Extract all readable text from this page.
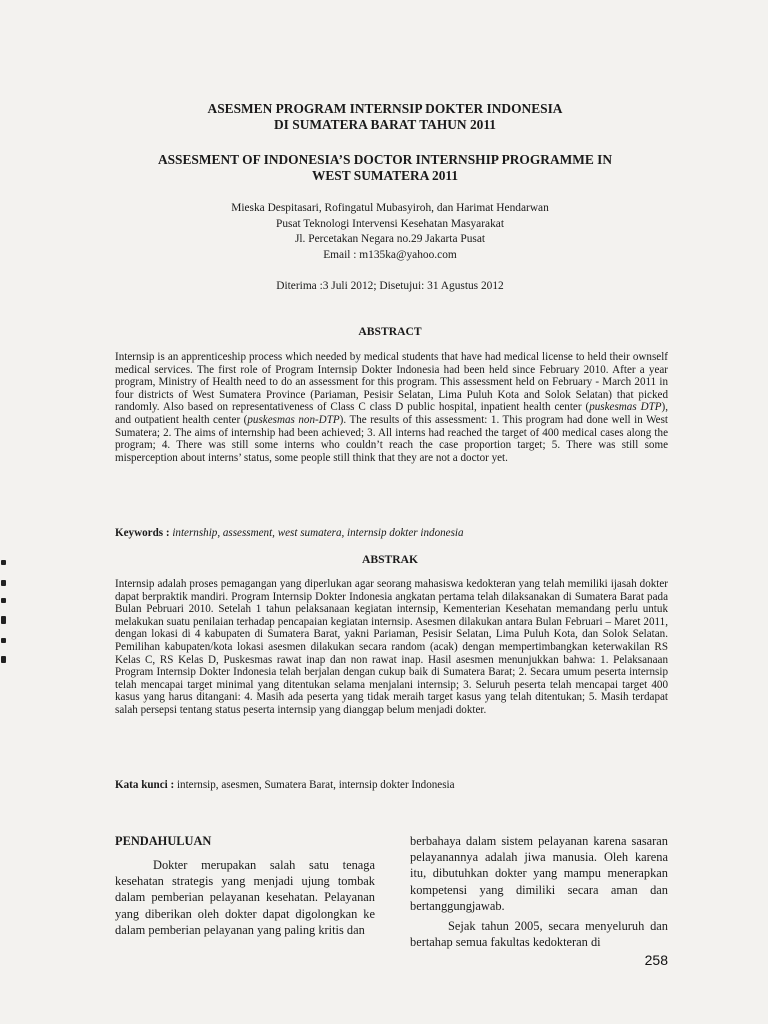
ASESMEN PROGRAM INTERNSIP DOKTER INDONESIA
DI SUMATERA BARAT TAHUN 2011
ASSESMENT OF INDONESIA’S DOCTOR INTERNSHIP PROGRAMME IN
WEST SUMATERA 2011
Mieska Despitasari, Rofingatul Mubasyiroh, dan Harimat Hendarwan
Pusat Teknologi Intervensi Kesehatan Masyarakat
Jl. Percetakan Negara no.29 Jakarta Pusat
Email : m135ka@yahoo.com
Diterima :3 Juli 2012; Disetujui: 31 Agustus 2012
ABSTRACT
Internsip is an apprenticeship process which needed by medical students that have had medical license to held their ownself medical services. The first role of Program Internsip Dokter Indonesia had been held since February 2010. After a year program, Ministry of Health need to do an assessment for this program. This assessment held on February - March 2011 in four districts of West Sumatera Province (Pariaman, Pesisir Selatan, Lima Puluh Kota and Solok Selatan) that picked randomly. Also based on representativeness of Class C class D public hospital, inpatient health center (puskesmas DTP), and outpatient health center (puskesmas non-DTP). The results of this assessment: 1. This program had done well in West Sumatera; 2. The aims of internship had been achieved; 3. All interns had reached the target of 400 medical cases along the program; 4. There was still some interns who couldn’t reach the case proportion target; 5. There was still some misperception about interns’ status, some people still think that they are not a doctor yet.
Keywords : internship, assessment, west sumatera, internsip dokter indonesia
ABSTRAK
Internsip adalah proses pemagangan yang diperlukan agar seorang mahasiswa kedokteran yang telah memiliki ijasah dokter dapat berpraktik mandiri. Program Internsip Dokter Indonesia angkatan pertama telah dilaksanakan di Sumatera Barat pada Bulan Pebruari 2010. Setelah 1 tahun pelaksanaan kegiatan internsip, Kementerian Kesehatan memandang perlu untuk melakukan suatu penilaian terhadap pencapaian kegiatan internsip. Asesmen dilakukan antara Bulan Februari – Maret 2011, dengan lokasi di 4 kabupaten di Sumatera Barat, yakni Pariaman, Pesisir Selatan, Lima Puluh Kota, dan Solok Selatan. Pemilihan kabupaten/kota lokasi asesmen dilakukan secara random (acak) dengan mempertimbangkan keterwakilan RS Kelas C, RS Kelas D, Puskesmas rawat inap dan non rawat inap. Hasil asesmen menunjukkan bahwa: 1. Pelaksanaan Program Internsip Dokter Indonesia telah berjalan dengan cukup baik di Sumatera Barat; 2. Secara umum peserta internsip telah mencapai target minimal yang ditentukan selama menjalani internsip; 3. Seluruh peserta telah mencapai target 400 kasus yang harus ditangani: 4. Masih ada peserta yang tidak meraih target kasus yang telah ditentukan; 5. Masih terdapat salah persepsi tentang status peserta internsip yang dianggap belum menjadi dokter.
Kata kunci : internsip, asesmen, Sumatera Barat, internsip dokter Indonesia
PENDAHULUAN

Dokter merupakan salah satu tenaga kesehatan strategis yang menjadi ujung tombak dalam pemberian pelayanan kesehatan. Pelayanan yang diberikan oleh dokter dapat digolongkan ke dalam pemberian pelayanan yang paling kritis dan

berbahaya dalam sistem pelayanan karena sasaran pelayanannya adalah jiwa manusia. Oleh karena itu, dibutuhkan dokter yang mampu menerapkan kompetensi yang dimiliki secara aman dan bertanggungjawab.

Sejak tahun 2005, secara menyeluruh dan bertahap semua fakultas kedokteran di

258
